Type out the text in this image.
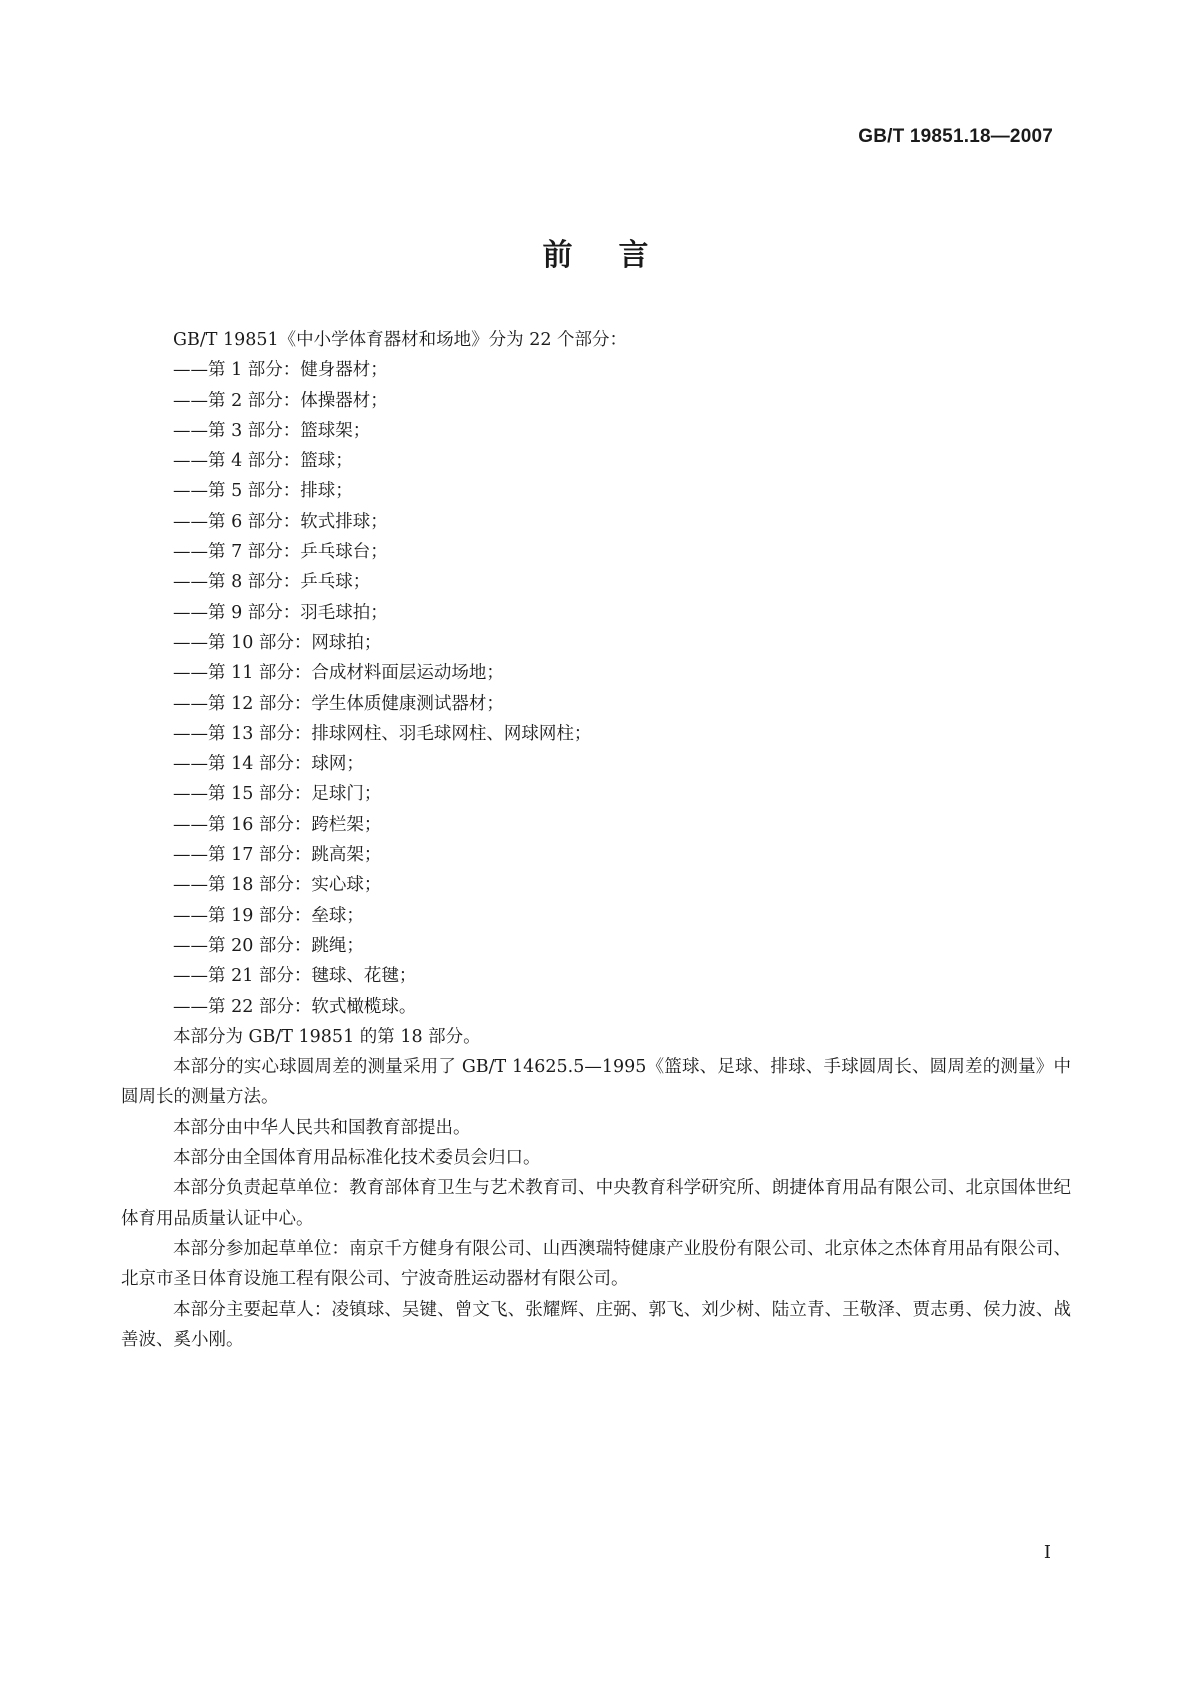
GB/T 19851.18—2007
前言
GB/T 19851《中小学体育器材和场地》分为 22 个部分：
——第 1 部分：健身器材；
——第 2 部分：体操器材；
——第 3 部分：篮球架；
——第 4 部分：篮球；
——第 5 部分：排球；
——第 6 部分：软式排球；
——第 7 部分：乒乓球台；
——第 8 部分：乒乓球；
——第 9 部分：羽毛球拍；
——第 10 部分：网球拍；
——第 11 部分：合成材料面层运动场地；
——第 12 部分：学生体质健康测试器材；
——第 13 部分：排球网柱、羽毛球网柱、网球网柱；
——第 14 部分：球网；
——第 15 部分：足球门；
——第 16 部分：跨栏架；
——第 17 部分：跳高架；
——第 18 部分：实心球；
——第 19 部分：垒球；
——第 20 部分：跳绳；
——第 21 部分：毽球、花毽；
——第 22 部分：软式橄榄球。
本部分为 GB/T 19851 的第 18 部分。
本部分的实心球圆周差的测量采用了 GB/T 14625.5—1995《篮球、足球、排球、手球圆周长、圆周差的测量》中圆周长的测量方法。
本部分由中华人民共和国教育部提出。
本部分由全国体育用品标准化技术委员会归口。
本部分负责起草单位：教育部体育卫生与艺术教育司、中央教育科学研究所、朗捷体育用品有限公司、北京国体世纪体育用品质量认证中心。
本部分参加起草单位：南京千方健身有限公司、山西澳瑞特健康产业股份有限公司、北京体之杰体育用品有限公司、北京市圣日体育设施工程有限公司、宁波奇胜运动器材有限公司。
本部分主要起草人：凌镇球、吴键、曾文飞、张耀辉、庄弼、郭飞、刘少树、陆立青、王敬泽、贾志勇、侯力波、战善波、奚小刚。
I
